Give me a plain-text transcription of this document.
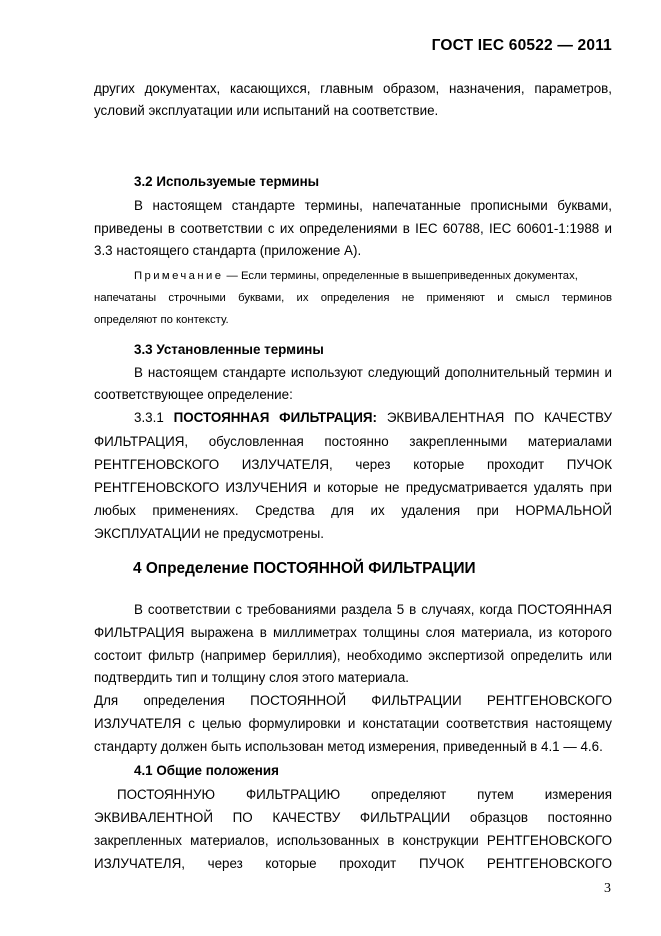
ГОСТ IEC 60522 — 2011
других документах, касающихся, главным образом, назначения, параметров,
условий эксплуатации или испытаний на соответствие.
3.2 Используемые термины
В настоящем стандарте термины, напечатанные прописными буквами,
приведены в соответствии с их определениями в IEC 60788, IEC 60601-1:1988 и
3.3 настоящего стандарта (приложение А).
Примечание — Если термины, определенные в вышеприведенных документах,
напечатаны строчными буквами, их определения не применяют и смысл терминов
определяют по контексту.
3.3 Установленные термины
В настоящем стандарте используют следующий дополнительный термин и
соответствующее определение:
3.3.1 ПОСТОЯННАЯ ФИЛЬТРАЦИЯ: ЭКВИВАЛЕНТНАЯ ПО КАЧЕСТВУ
ФИЛЬТРАЦИЯ, обусловленная постоянно закрепленными материалами
РЕНТГЕНОВСКОГО ИЗЛУЧАТЕЛЯ, через которые проходит ПУЧОК
РЕНТГЕНОВСКОГО ИЗЛУЧЕНИЯ и которые не предусматривается удалять при
любых применениях. Средства для их удаления при НОРМАЛЬНОЙ
ЭКСПЛУАТАЦИИ не предусмотрены.
4 Определение ПОСТОЯННОЙ ФИЛЬТРАЦИИ
В соответствии с требованиями раздела 5 в случаях, когда ПОСТОЯННАЯ
ФИЛЬТРАЦИЯ выражена в миллиметрах толщины слоя материала, из которого
состоит фильтр (например бериллия), необходимо экспертизой определить или
подтвердить тип и толщину слоя этого материала.
Для определения ПОСТОЯННОЙ ФИЛЬТРАЦИИ РЕНТГЕНОВСКОГО
ИЗЛУЧАТЕЛЯ с целью формулировки и констатации соответствия настоящему
стандарту должен быть использован метод измерения, приведенный в 4.1 — 4.6.
4.1 Общие положения
ПОСТОЯННУЮ ФИЛЬТРАЦИЮ определяют путем измерения
ЭКВИВАЛЕНТНОЙ ПО КАЧЕСТВУ ФИЛЬТРАЦИИ образцов постоянно
закрепленных материалов, использованных в конструкции РЕНТГЕНОВСКОГО
ИЗЛУЧАТЕЛЯ, через которые проходит ПУЧОК РЕНТГЕНОВСКОГО
3
